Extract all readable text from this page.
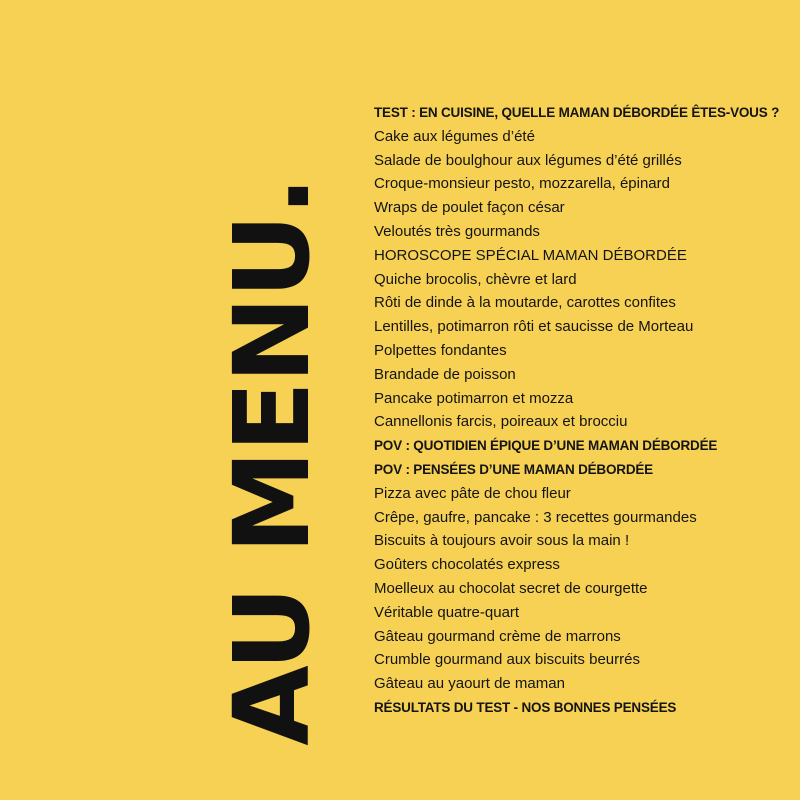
AU MENU.
TEST : EN CUISINE, QUELLE MAMAN DÉBORDÉE ÊTES-VOUS ?
Cake aux légumes d’été
Salade de boulghour aux légumes d’été grillés
Croque-monsieur pesto, mozzarella, épinard
Wraps de poulet façon césar
Veloutés très gourmands
HOROSCOPE SPÉCIAL MAMAN DÉBORDÉE
Quiche brocolis, chèvre et lard
Rôti de dinde à la moutarde, carottes confites
Lentilles, potimarron rôti et saucisse de Morteau
Polpettes fondantes
Brandade de poisson
Pancake potimarron et mozza
Cannellonis farcis, poireaux et brocciu
POV : QUOTIDIEN ÉPIQUE D’UNE MAMAN DÉBORDÉE
POV : PENSÉES D’UNE MAMAN DÉBORDÉE
Pizza avec pâte de chou fleur
Crêpe, gaufre, pancake : 3 recettes gourmandes
Biscuits à toujours avoir sous la main !
Goûters chocolatés express
Moelleux au chocolat secret de courgette
Véritable quatre-quart
Gâteau gourmand crème de marrons
Crumble gourmand aux biscuits beurrés
Gâteau au yaourt de maman
RÉSULTATS DU TEST - NOS BONNES PENSÉES
